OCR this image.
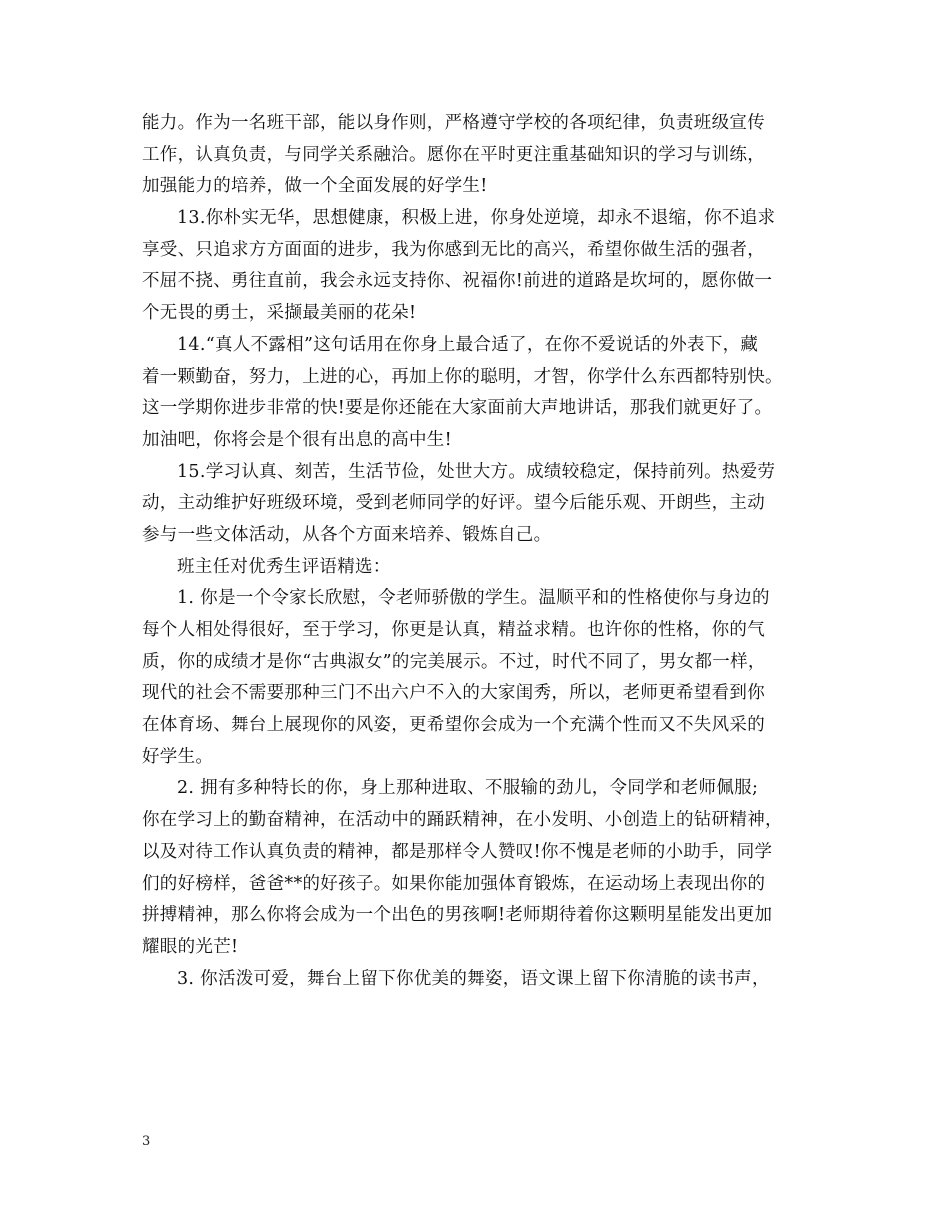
能力。作为一名班干部，能以身作则，严格遵守学校的各项纪律，负责班级宣传
工作，认真负责，与同学关系融洽。愿你在平时更注重基础知识的学习与训练，
加强能力的培养，做一个全面发展的好学生!
13.你朴实无华，思想健康，积极上进，你身处逆境，却永不退缩，你不追求
享受、只追求方方面面的进步，我为你感到无比的高兴，希望你做生活的强者，
不屈不挠、勇往直前，我会永远支持你、祝福你!前进的道路是坎坷的，愿你做一
个无畏的勇士，采撷最美丽的花朵!
14.“真人不露相”这句话用在你身上最合适了，在你不爱说话的外表下，藏
着一颗勤奋，努力，上进的心，再加上你的聪明，才智，你学什么东西都特别快。
这一学期你进步非常的快!要是你还能在大家面前大声地讲话，那我们就更好了。
加油吧，你将会是个很有出息的高中生!
15.学习认真、刻苦，生活节俭，处世大方。成绩较稳定，保持前列。热爱劳
动，主动维护好班级环境，受到老师同学的好评。望今后能乐观、开朗些，主动
参与一些文体活动，从各个方面来培养、锻炼自己。
班主任对优秀生评语精选：
1. 你是一个令家长欣慰，令老师骄傲的学生。温顺平和的性格使你与身边的
每个人相处得很好，至于学习，你更是认真，精益求精。也许你的性格，你的气
质，你的成绩才是你“古典淑女”的完美展示。不过，时代不同了，男女都一样，
现代的社会不需要那种三门不出六户不入的大家闺秀，所以，老师更希望看到你
在体育场、舞台上展现你的风姿，更希望你会成为一个充满个性而又不失风采的
好学生。
2. 拥有多种特长的你，身上那种进取、不服输的劲儿，令同学和老师佩服;
你在学习上的勤奋精神，在活动中的踊跃精神，在小发明、小创造上的钻研精神，
以及对待工作认真负责的精神，都是那样令人赞叹!你不愧是老师的小助手，同学
们的好榜样，爸爸**的好孩子。如果你能加强体育锻炼，在运动场上表现出你的
拼搏精神，那么你将会成为一个出色的男孩啊!老师期待着你这颗明星能发出更加
耀眼的光芒!
3. 你活泼可爱，舞台上留下你优美的舞姿，语文课上留下你清脆的读书声，
3
